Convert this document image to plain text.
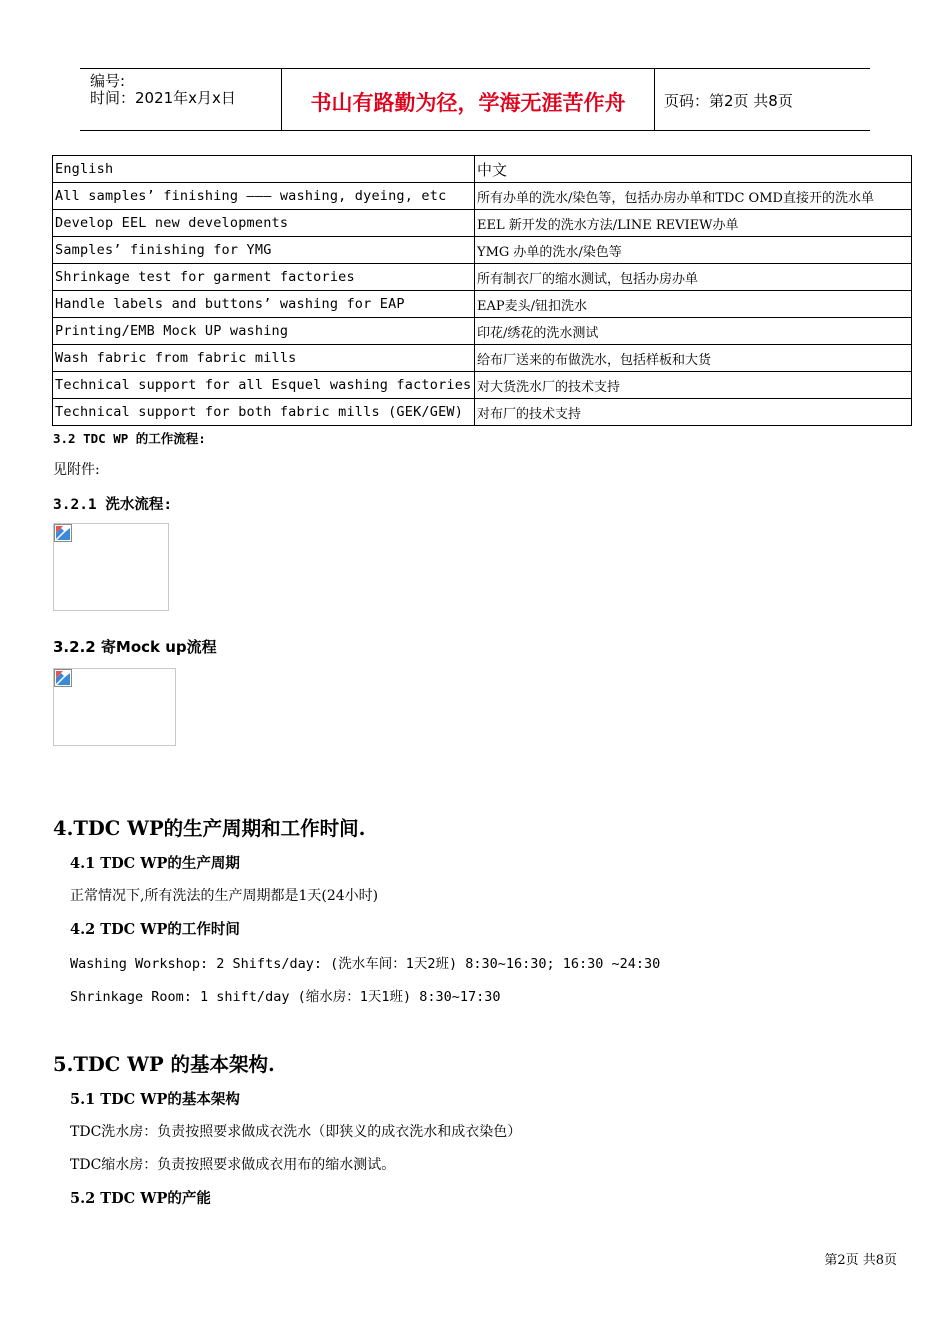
编号:
时间：2021年x月x日	书山有路勤为径，学海无涯苦作舟	页码：第2页 共8页
English	中文
All samples’ finishing ——— washing, dyeing, etc	所有办单的洗水/染色等，包括办房办单和TDC OMD直接开的洗水单
Develop EEL new developments	EEL 新开发的洗水方法/LINE REVIEW办单
Samples’ finishing for YMG	YMG 办单的洗水/染色等
Shrinkage test for garment factories	所有制衣厂的缩水测试，包括办房办单
Handle labels and buttons’ washing for EAP	EAP麦头/钮扣洗水
Printing/EMB Mock UP washing	印花/绣花的洗水测试
Wash fabric from fabric mills	给布厂送来的布做洗水，包括样板和大货
Technical support for all Esquel washing factories	对大货洗水厂的技术支持
Technical support for both fabric mills (GEK/GEW)	对布厂的技术支持
3.2 TDC WP 的工作流程:
见附件:
3.2.1 洗水流程:
3.2.2 寄Mock up流程
4.TDC WP的生产周期和工作时间.
4.1 TDC WP的生产周期
正常情况下,所有洗法的生产周期都是1天(24小时)
4.2 TDC WP的工作时间
Washing Workshop: 2 Shifts/day: (洗水车间：1天2班) 8:30~16:30; 16:30 ~24:30
Shrinkage Room: 1 shift/day (缩水房：1天1班) 8:30~17:30
5.TDC WP 的基本架构.
5.1 TDC WP的基本架构
TDC洗水房：负责按照要求做成衣洗水（即狭义的成衣洗水和成衣染色）
TDC缩水房：负责按照要求做成衣用布的缩水测试。
5.2 TDC WP的产能
第2页 共8页
